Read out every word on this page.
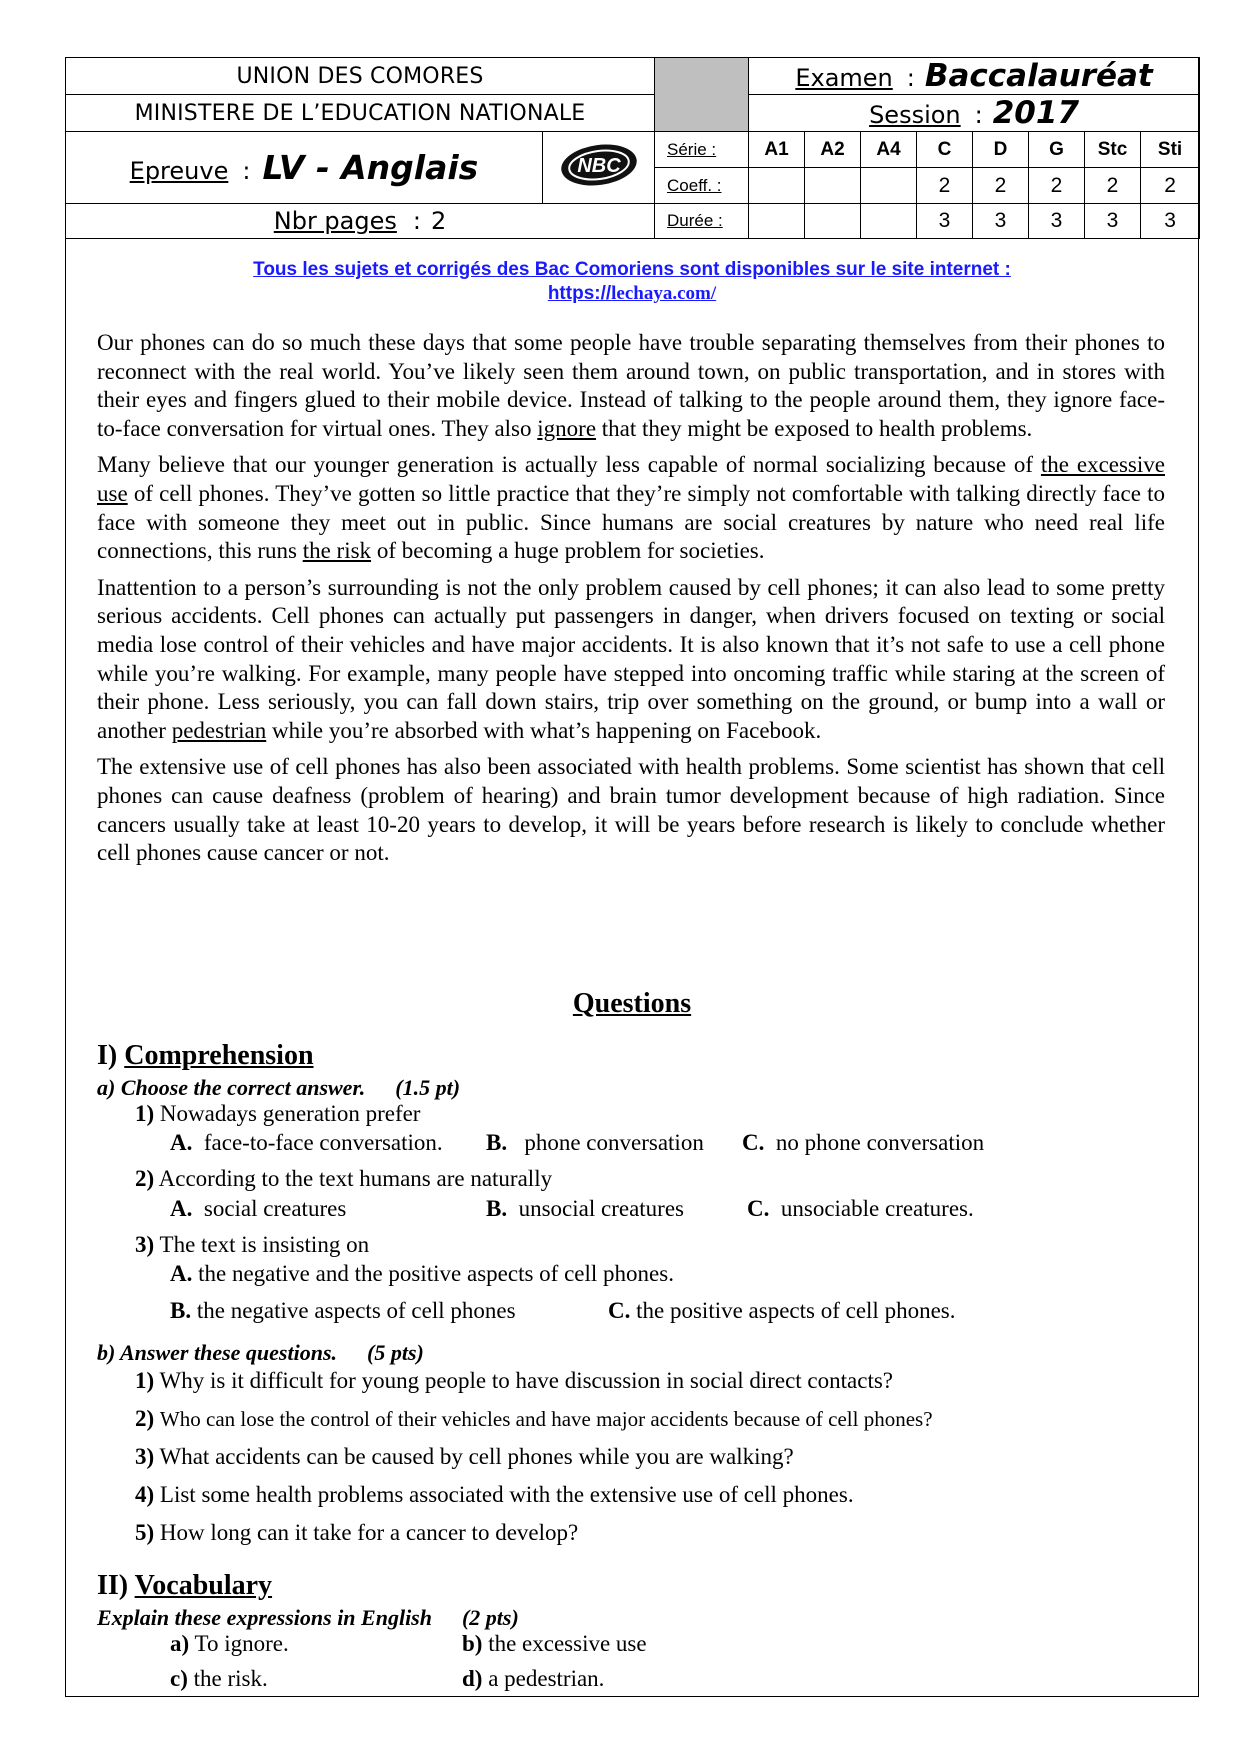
UNION DES COMORES			Examen : Baccalauréat							
MINISTERE DE L’EDUCATION NATIONALE			Session : 2017							
Epreuve : LV - Anglais	NBC	Série :	A1	A2	A4	C	D	G	Stc	Sti
		Coeff. :				2	2	2	2	2
Nbr pages : 2		Durée :				3	3	3	3	3
Tous les sujets et corrigés des Bac Comoriens sont disponibles sur le site internet :
https://lechaya.com/

Our phones can do so much these days that some people have trouble separating themselves from their phones to reconnect with the real world. You’ve likely seen them around town, on public transportation, and in stores with their eyes and fingers glued to their mobile device. Instead of talking to the people around them, they ignore face-to-face conversation for virtual ones. They also ignore that they might be exposed to health problems.

Many believe that our younger generation is actually less capable of normal socializing because of the excessive use of cell phones. They’ve gotten so little practice that they’re simply not comfortable with talking directly face to face with someone they meet out in public. Since humans are social creatures by nature who need real life connections, this runs the risk of becoming a huge problem for societies.

Inattention to a person’s surrounding is not the only problem caused by cell phones; it can also lead to some pretty serious accidents. Cell phones can actually put passengers in danger, when drivers focused on texting or social media lose control of their vehicles and have major accidents. It is also known that it’s not safe to use a cell phone while you’re walking. For example, many people have stepped into oncoming traffic while staring at the screen of their phone. Less seriously, you can fall down stairs, trip over something on the ground, or bump into a wall or another pedestrian while you’re absorbed with what’s happening on Facebook.

The extensive use of cell phones has also been associated with health problems. Some scientist has shown that cell phones can cause deafness (problem of hearing) and brain tumor development because of high radiation. Since cancers usually take at least 10-20 years to develop, it will be years before research is likely to conclude whether cell phones cause cancer or not.

Questions
I) Comprehension
a) Choose the correct answer. (1.5 pt)
1) Nowadays generation prefer
A. face-to-face conversation. B. phone conversation C. no phone conversation
2) According to the text humans are naturally
A. social creatures	B. unsocial creatures	C. unsociable creatures.
3) The text is insisting on
A. the negative and the positive aspects of cell phones.
B. the negative aspects of cell phones	C. the positive aspects of cell phones.
b) Answer these questions. (5 pts)
1) Why is it difficult for young people to have discussion in social direct contacts?
2) Who can lose the control of their vehicles and have major accidents because of cell phones?
3) What accidents can be caused by cell phones while you are walking?
4) List some health problems associated with the extensive use of cell phones.
5) How long can it take for a cancer to develop?
II) Vocabulary
Explain these expressions in English (2 pts)
a) To ignore.	b) the excessive use
c) the risk.	d) a pedestrian.
